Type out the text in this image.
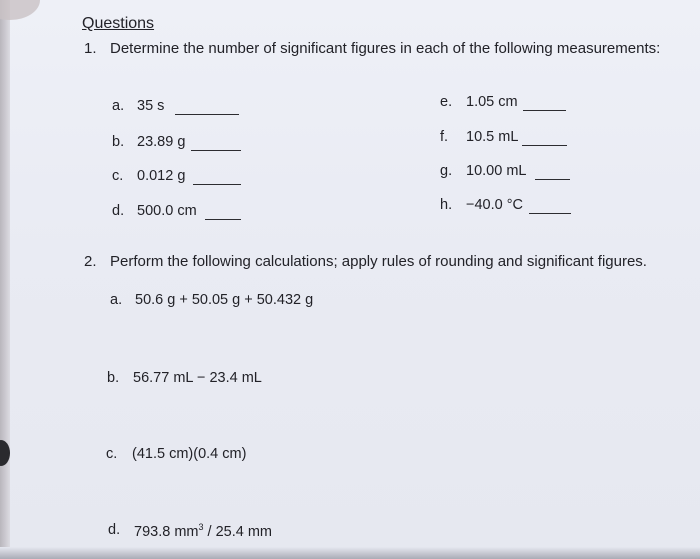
Questions
1. Determine the number of significant figures in each of the following measurements:
a. 35 s
b. 23.89 g
c. 0.012 g
d. 500.0 cm
e. 1.05 cm
f. 10.5 mL
g. 10.00 mL
h. −40.0 °C
2. Perform the following calculations; apply rules of rounding and significant figures.
a. 50.6 g + 50.05 g + 50.432 g
b. 56.77 mL − 23.4 mL
c. (41.5 cm)(0.4 cm)
d. 793.8 $mm^3 / 25.4$ mm
